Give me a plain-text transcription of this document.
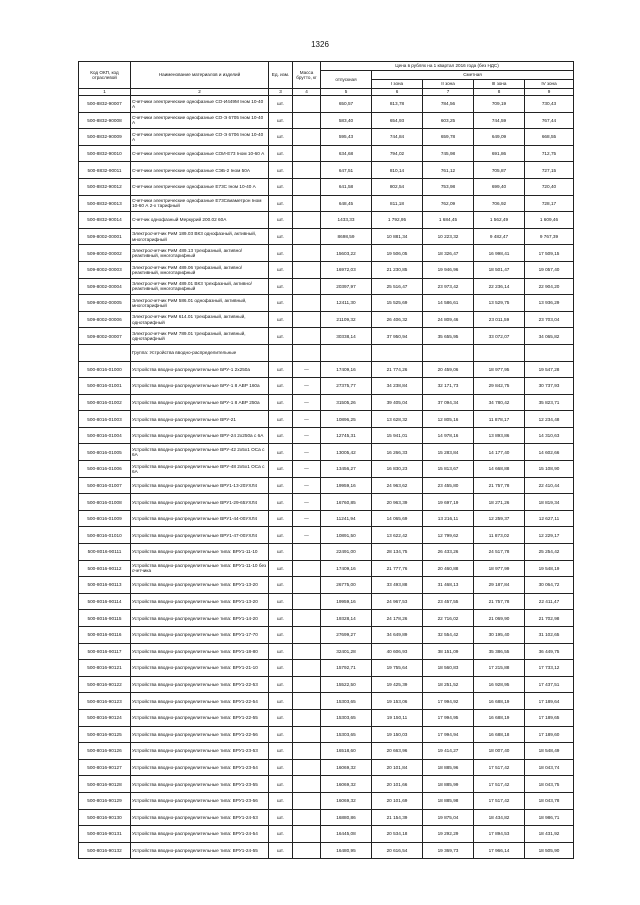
1326
Код ОКП, код отраслевой	Наименование материалов и изделий	Ед. изм.	Масса брутто, кг	Цена в рублях на 1 квартал 2016 года (без НДС)				
				отпускная	Сметная			
					I зона	II зона	III зона	IV зона
1	2	3	4	5	6	7	8	9
500-8832-90007	Счетчики электрические однофазные СО-И449М Iном 10-40 А	шт.		650,57	813,78	784,56	709,19	730,43
500-8832-90008	Счетчики электрические однофазные СО-Э 6705 Iном 10-40 А	шт.		583,40	654,93	603,25	744,59	767,44
500-8832-90009	Счетчики электрические однофазные СО-Э 6706 Iном 10-40 А	шт.		595,43	744,84	659,78	649,09	668,55
500-8832-90010	Счетчики электрические однофазные СОИ-Е73 Iном 10-60 А	шт.		634,68	794,02	745,98	691,86	712,75
500-8832-90011	Счетчики электрические однофазные СЭБ-2 Iном 50А	шт.		647,51	810,14	761,12	705,87	727,15
500-8832-90012	Счетчики электрические однофазные Е73С Iном 10-40 А	шт.		641,58	802,54	753,98	699,40	720,40
500-8832-90013	Счетчики электрические однофазные Е73Свиаметрон Iном 10-60 А 2-х тарифный	шт.		648,45	811,18	762,09	706,92	728,17
500-8832-90014	Счетчик однофазный Меркурий 200.02 60А	шт.		1433,33	1 792,95	1 684,45	1 562,49	1 609,46
509-8002-00001	Электросчетчик РиМ 189.03 ВК3 однофазный, активный, многотарифный	шт.		8698,59	10 881,34	10 223,32	9 482,47	9 767,39
509-8002-00002	Электросчетчик РиМ 489.13 трехфазный, активно/реактивный, многотарифный	шт.		15603,22	19 506,05	18 326,47	16 998,41	17 509,15
509-8002-00003	Электросчетчик РиМ 489.06 трехфазный, активно/реактивный, многотарифный	шт.		16972,03	21 230,85	19 946,96	18 501,47	19 057,40
509-8002-00004	Электросчетчик РиМ 489.01 ВК3 трехфазный, активно/реактивный, многотарифный	шт.		20397,97	25 516,47	23 973,42	22 236,14	22 904,20
509-8002-00005	Электросчетчик РиМ 586.01 однофазный, активный, многотарифный	шт.		12411,30	15 525,69	14 586,61	13 529,75	13 936,29
509-8002-00006	Электросчетчик РиМ 614.01 трехфазный, активный, однотарифный	шт.		21109,32	26 406,32	24 809,46	23 011,59	23 703,04
509-8002-00007	Электросчетчик РиМ 789.01 трехфазный, активный, однотарифный	шт.		30338,14	37 950,94	35 655,95	33 072,07	34 065,82
	Группа: Устройства вводно-распределительные							
500-8016-01000	Устройства вводно-распределительные БРУ-1 2х250а	шт.	—	17409,16	21 774,26	20 459,06	18 977,95	19 547,28
500-8016-01001	Устройства вводно-распределительные БРУ-1 8 АВР 160а	шт.	—	27375,77	34 238,84	32 171,73	29 842,75	30 737,93
500-8016-01002	Устройства вводно-распределительные БРУ-1 8 АВР 250а	шт.	—	31505,26	39 405,04	37 094,34	34 780,42	35 823,71
500-8016-01003	Устройства вводно-распределительные ВРУ-21	шт.	—	10896,25	13 628,32	12 805,16	11 878,17	12 234,48
500-8016-01004	Устройства вводно-распределительные ВРУ-24 2х250а с 6А	шт.	—	12745,31	15 941,01	14 978,16	13 893,86	14 310,63
500-8016-01005	Устройства вводно-распределительные ВРУ-42 2х5х1 ОСа с 6А	шт.	—	13005,42	16 266,33	15 283,84	14 177,40	14 602,66
500-8016-01006	Устройства вводно-распределительные ВРУ-48 2х5х1 ОСа с 6А	шт.	—	13456,27	16 830,23	15 813,67	14 668,88	15 108,90
500-8016-01007	Устройства вводно-распределительные ВРУ1-13-20УХЛ4	шт.	—	19959,16	24 963,62	23 455,80	21 757,78	22 410,44
500-8016-01008	Устройства вводно-распределительные ВРУ1-29-65УХЛ4	шт.	—	16760,85	20 963,39	19 697,19	18 271,26	18 819,34
500-8016-01009	Устройства вводно-распределительные ВРУ1-44-00УХЛ4	шт.	—	11241,94	14 065,69	13 216,11	12 259,37	12 627,11
500-8016-01010	Устройства вводно-распределительные ВРУ1-47-00УХЛ4	шт.	—	10891,50	13 622,42	12 799,62	11 873,02	12 229,17
500-8016-90111	Устройства вводно-распределительные типа: ВРУ1-11-10	шт.		22491,00	28 134,75	26 433,26	24 517,78	25 254,42
500-8016-90112	Устройства вводно-распределительные типа: ВРУ1-11-10 без счетчика	шт.		17409,16	21 777,76	20 460,88	18 977,99	19 548,19
500-8016-90113	Устройства вводно-распределительные типа: ВРУ1-13-20	шт.		26775,00	33 493,88	31 468,13	29 187,84	30 064,72
500-8016-90114	Устройства вводно-распределительные типа: ВРУ1-13-20	шт.		19959,16	24 967,53	23 457,55	21 757,78	22 411,47
500-8016-90115	Устройства вводно-распределительные типа: ВРУ1-14-20	шт.		19328,14	24 178,26	22 716,02	21 069,90	21 702,98
500-8016-90116	Устройства вводно-распределительные типа: ВРУ1-17-70	шт.		27699,27	34 649,89	32 554,42	30 195,40	31 102,65
500-8016-90117	Устройства вводно-распределительные типа: ВРУ1-18-80	шт.		32401,28	40 606,93	38 151,09	35 386,55	36 449,75
500-8016-90121	Устройства вводно-распределительные типа: ВРУ1-21-10	шт.		15792,71	19 755,64	18 560,83	17 215,88	17 733,12
500-8016-90122	Устройства вводно-распределительные типа: ВРУ1-22-53	шт.		15522,50	19 425,39	18 251,52	16 928,95	17 437,51
500-8016-90123	Устройства вводно-распределительные типа: ВРУ1-22-54	шт.		15303,65	19 153,06	17 994,92	16 688,19	17 189,64
500-8016-90124	Устройства вводно-распределительные типа: ВРУ1-22-55	шт.		15303,65	19 150,11	17 994,95	16 688,19	17 189,65
500-8016-90125	Устройства вводно-распределительные типа: ВРУ1-22-56	шт.		15303,65	19 150,03	17 994,94	16 688,18	17 189,60
500-8016-90126	Устройства вводно-распределительные типа: ВРУ1-23-53	шт.		16518,60	20 663,96	19 414,27	18 007,40	18 548,49
500-8016-90127	Устройства вводно-распределительные типа: ВРУ1-23-54	шт.		16069,32	20 101,84	18 885,96	17 517,42	18 043,74
500-8016-90128	Устройства вводно-распределительные типа: ВРУ1-23-55	шт.		16069,32	20 101,66	18 885,99	17 517,42	18 043,75
500-8016-90129	Устройства вводно-распределительные типа: ВРУ1-23-56	шт.		16069,32	20 101,69	18 885,98	17 517,42	18 043,78
500-8016-90130	Устройства вводно-распределительные типа: ВРУ1-24-53	шт.		16880,86	21 154,39	19 875,04	18 434,82	18 986,71
500-8016-90131	Устройства вводно-распределительные типа: ВРУ1-24-54	шт.		16445,08	20 534,18	19 292,29	17 894,53	18 431,92
500-8016-90132	Устройства вводно-распределительные типа: ВРУ1-24-55	шт.		16480,95	20 616,54	19 369,73	17 966,14	18 505,90
